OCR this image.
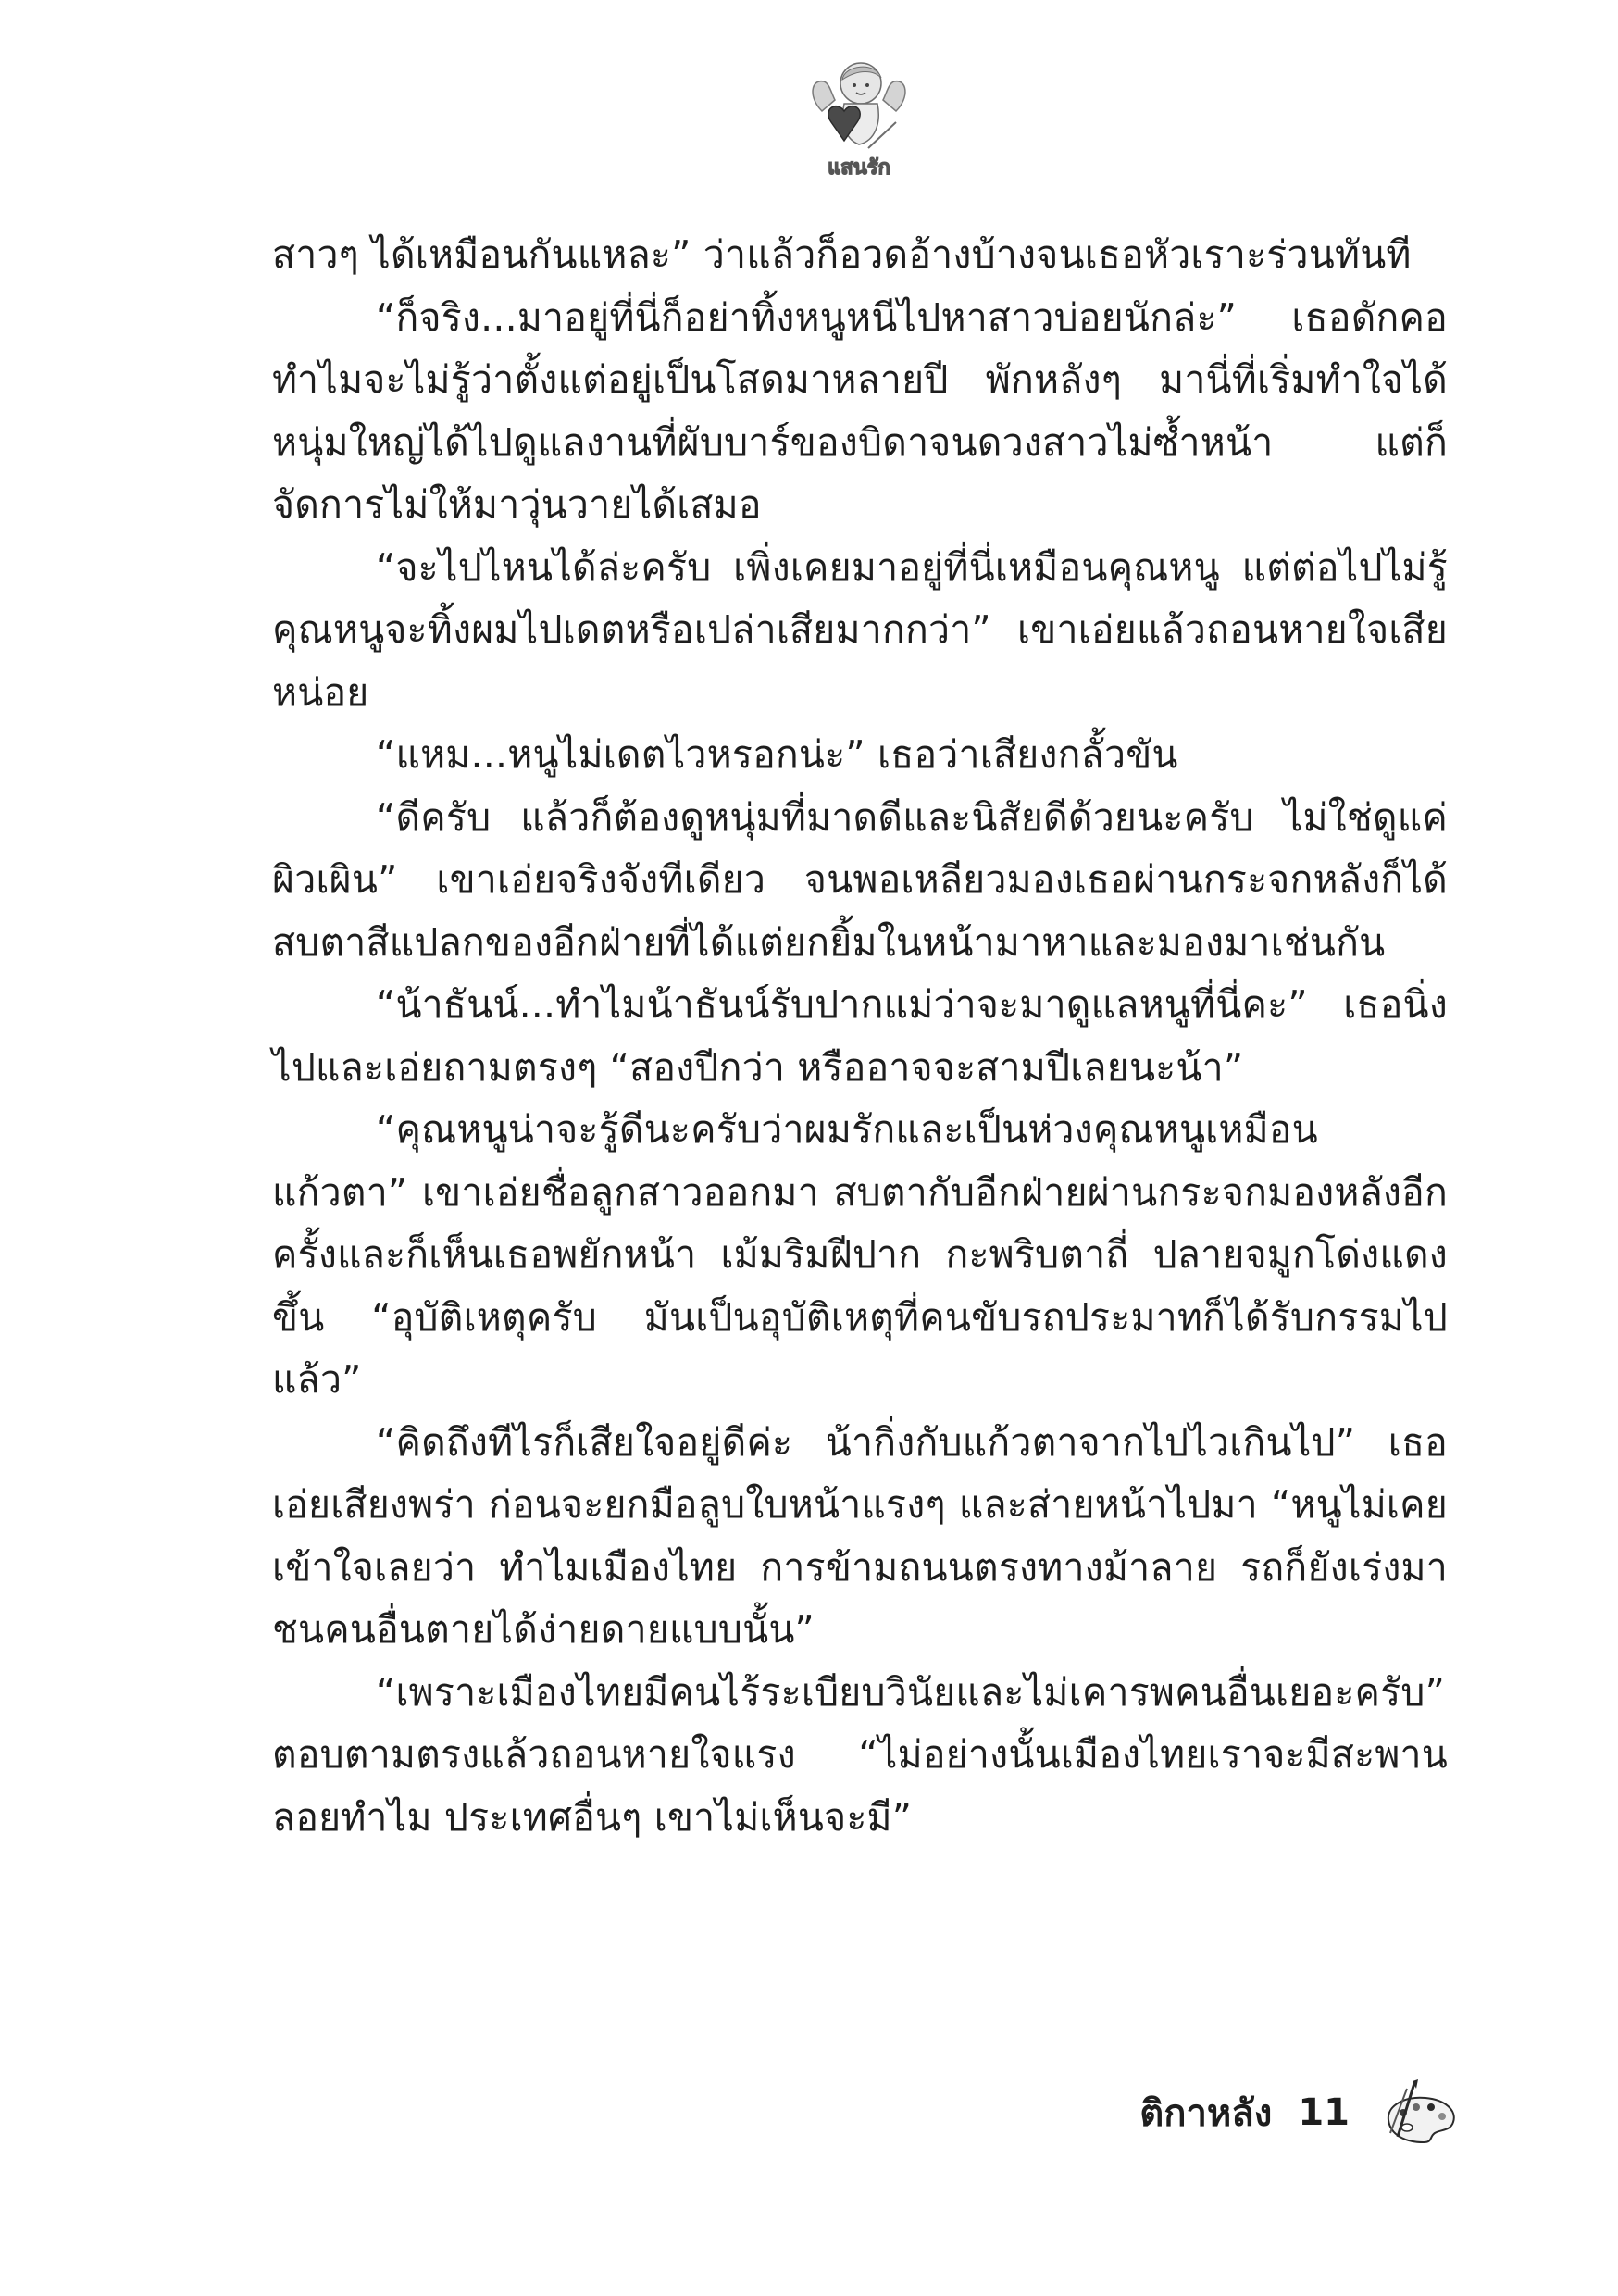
แสนรัก

สาวๆ ได้เหมือนกันแหละ” ว่าแล้วก็อวดอ้างบ้างจนเธอหัวเราะร่วนทันที

“ก็จริง...มาอยู่ที่นี่ก็อย่าทิ้งหนูหนีไปหาสาวบ่อยนักล่ะ” เธอดักคอ ทำไมจะไม่รู้ว่าตั้งแต่อยู่เป็นโสดมาหลายปี พักหลังๆ มานี่ที่เริ่มทำใจได้ หนุ่มใหญ่ได้ไปดูแลงานที่ผับบาร์ของบิดาจนดวงสาวไม่ซ้ำหน้า แต่ก็จัดการไม่ให้มาวุ่นวายได้เสมอ

“จะไปไหนได้ล่ะครับ เพิ่งเคยมาอยู่ที่นี่เหมือนคุณหนู แต่ต่อไปไม่รู้คุณหนูจะทิ้งผมไปเดตหรือเปล่าเสียมากกว่า” เขาเอ่ยแล้วถอนหายใจเสียหน่อย

“แหม...หนูไม่เดตไวหรอกน่ะ” เธอว่าเสียงกลั้วขัน

“ดีครับ แล้วก็ต้องดูหนุ่มที่มาดดีและนิสัยดีด้วยนะครับ ไม่ใช่ดูแค่ผิวเผิน” เขาเอ่ยจริงจังทีเดียว จนพอเหลียวมองเธอผ่านกระจกหลังก็ได้สบตาสีแปลกของอีกฝ่ายที่ได้แต่ยกยิ้มในหน้ามาหาและมองมาเช่นกัน

“น้าธันน์...ทำไมน้าธันน์รับปากแม่ว่าจะมาดูแลหนูที่นี่คะ” เธอนิ่งไปและเอ่ยถามตรงๆ “สองปีกว่า หรืออาจจะสามปีเลยนะน้า”

“คุณหนูน่าจะรู้ดีนะครับว่าผมรักและเป็นห่วงคุณหนูเหมือนแก้วตา” เขาเอ่ยชื่อลูกสาวออกมา สบตากับอีกฝ่ายผ่านกระจกมองหลังอีกครั้งและก็เห็นเธอพยักหน้า เม้มริมฝีปาก กะพริบตาถี่ ปลายจมูกโด่งแดงขึ้น “อุบัติเหตุครับ มันเป็นอุบัติเหตุที่คนขับรถประมาทก็ได้รับกรรมไปแล้ว”

“คิดถึงทีไรก็เสียใจอยู่ดีค่ะ น้ากิ่งกับแก้วตาจากไปไวเกินไป” เธอเอ่ยเสียงพร่า ก่อนจะยกมือลูบใบหน้าแรงๆ และส่ายหน้าไปมา “หนูไม่เคยเข้าใจเลยว่า ทำไมเมืองไทย การข้ามถนนตรงทางม้าลาย รถก็ยังเร่งมาชนคนอื่นตายได้ง่ายดายแบบนั้น”

“เพราะเมืองไทยมีคนไร้ระเบียบวินัยและไม่เคารพคนอื่นเยอะครับ” ตอบตามตรงแล้วถอนหายใจแรง “ไม่อย่างนั้นเมืองไทยเราจะมีสะพานลอยทำไม ประเทศอื่นๆ เขาไม่เห็นจะมี”

ติกาหลัง 11
